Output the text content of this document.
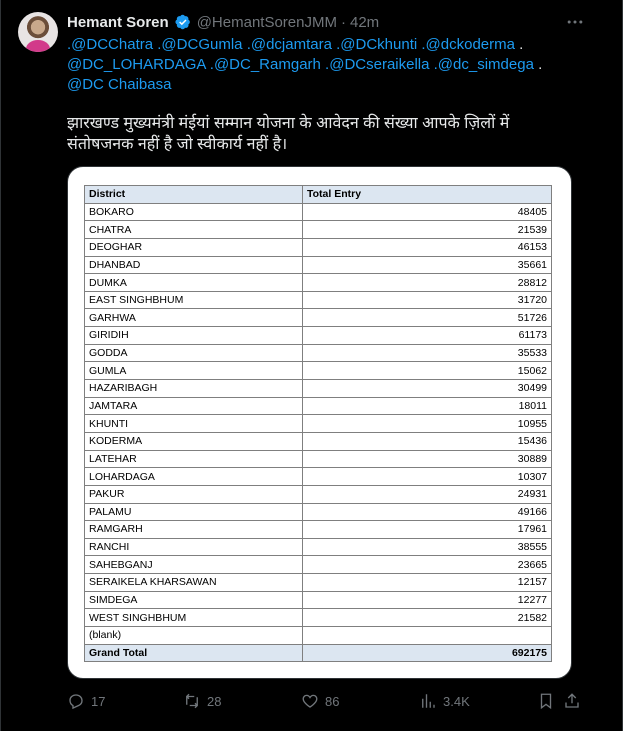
Hemant Soren @HemantSorenJMM · 42m
.@DCChatra .@DCGumla .@dcjamtara .@DCkhunti .@dckoderma .
@DC_LOHARDAGA .@DC_Ramgarh .@DCseraikella .@dc_simdega .
@DC Chaibasa
झारखण्ड मुख्यमंत्री मंईयां सम्मान योजना के आवेदन की संख्या आपके ज़िलों में संतोषजनक नहीं है जो स्वीकार्य नहीं है।
District	Total Entry
BOKARO	48405
CHATRA	21539
DEOGHAR	46153
DHANBAD	35661
DUMKA	28812
EAST SINGHBHUM	31720
GARHWA	51726
GIRIDIH	61173
GODDA	35533
GUMLA	15062
HAZARIBAGH	30499
JAMTARA	18011
KHUNTI	10955
KODERMA	15436
LATEHAR	30889
LOHARDAGA	10307
PAKUR	24931
PALAMU	49166
RAMGARH	17961
RANCHI	38555
SAHEBGANJ	23665
SERAIKELA KHARSAWAN	12157
SIMDEGA	12277
WEST SINGHBHUM	21582
(blank)	
Grand Total	692175
17	28	86	3.4K
